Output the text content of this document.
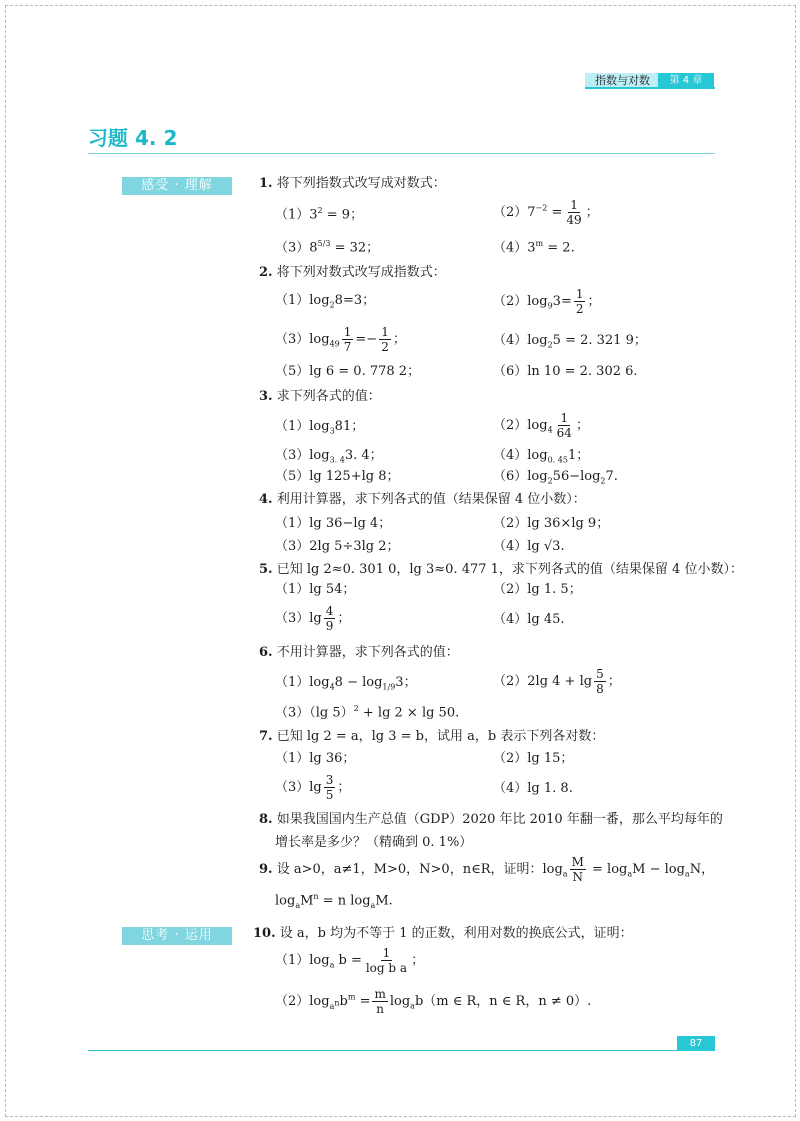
指数与对数	第 4 章
习题 4. 2
感受 · 理解
思考 · 运用
1. 将下列指数式改写成对数式：
$(1)3^2 = 9$；	$(2)7^{-2} = \frac{1}{49}$ ；
$(3)8^{5/3} = 32$；	$(4)3^m = 2$.
2. 将下列对数式改写成指数式：
$(1)\log_28=3$；	$(2)\log_93= \frac{1}{2}$ ；
$(3)\log_{49} \frac{1}{7} =- \frac{1}{2}$ ；	$(4)\log_25 = 2$. 321 9；
（5）lg 6 = 0. 778 2；	（6）ln 10 = 2. 302 6.
3. 求下列各式的值：
$(1)\log_381$；	$(2)\log_4 \frac{1}{64}$ ；
$(3)\log_{3. 4}3$. 4；	$(4)\log_{0. 45}1$；
（5）lg 125+lg 8；	$(6)\log_256-\log_27$.
4. 利用计算器，求下列各式的值（结果保留 4 位小数）：
（1）lg 36−lg 4；	（2）lg 36×lg 9；
（3）2lg 5÷3lg 2；	（4）lg √3.
5. 已知 lg 2≈0. 301 0，lg 3≈0. 477 1，求下列各式的值（结果保留 4 位小数）：
（1）lg 54；	（2）lg 1. 5；
$(3)\lg \frac{4}{9}$ ；	（4）lg 45.
6. 不用计算器，求下列各式的值：
$(1)\log_48 - \log_{1/9}3$；	（2）2lg $4 + \lg \frac{5}{8}$ ；
（3）（lg 5）$^2$ + lg 2 × lg 50.
7. 已知 lg 2 = a，lg 3 = b，试用 a，b 表示下列各对数：
（1）lg 36；	（2）lg 15；
$(3)\lg \frac{3}{5}$ ；	（4）lg 1. 8.
8. 如果我国国内生产总值（GDP）2020 年比 2010 年翻一番，那么平均每年的
增长率是多少？（精确到 0. 1%）
9. 设 a>0，a≠1，M>0，N>0，n∈R，证明：$\log_a \frac{M}{N} = \log_aM - \log_aN$，
$\log_aM^n = n$ $\log_aM$.
10. 设 a，b 均为不等于 1 的正数，利用对数的换底公式，证明：
$(1)\log_a$ $b = \frac{1}{\text{log b a}}$ ；
$(2)\log_{a^n}b^m = \frac{m}{n} \log_ab(m$ ∈ R，n ∈ R，n ≠ 0）.
87
